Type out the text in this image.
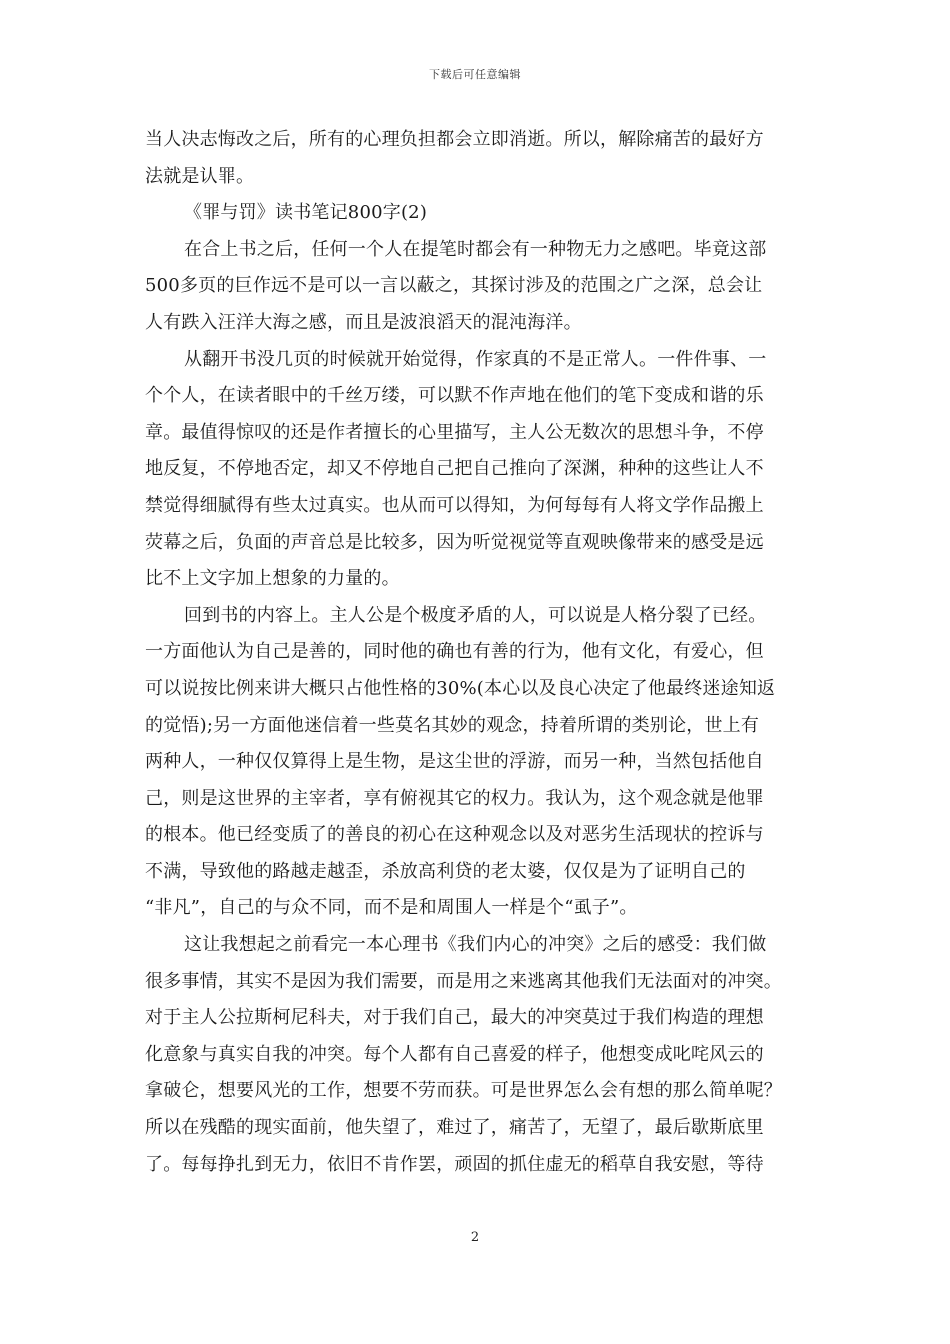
下载后可任意编辑
当人决志悔改之后，所有的心理负担都会立即消逝。所以，解除痛苦的最好方
法就是认罪。
《罪与罚》读书笔记800字(2)
在合上书之后，任何一个人在提笔时都会有一种物无力之感吧。毕竟这部
500多页的巨作远不是可以一言以蔽之，其探讨涉及的范围之广之深，总会让
人有跌入汪洋大海之感，而且是波浪滔天的混沌海洋。
从翻开书没几页的时候就开始觉得，作家真的不是正常人。一件件事、一
个个人，在读者眼中的千丝万缕，可以默不作声地在他们的笔下变成和谐的乐
章。最值得惊叹的还是作者擅长的心里描写，主人公无数次的思想斗争，不停
地反复，不停地否定，却又不停地自己把自己推向了深渊，种种的这些让人不
禁觉得细腻得有些太过真实。也从而可以得知，为何每每有人将文学作品搬上
荧幕之后，负面的声音总是比较多，因为听觉视觉等直观映像带来的感受是远
比不上文字加上想象的力量的。
回到书的内容上。主人公是个极度矛盾的人，可以说是人格分裂了已经。
一方面他认为自己是善的，同时他的确也有善的行为，他有文化，有爱心，但
可以说按比例来讲大概只占他性格的30%(本心以及良心决定了他最终迷途知返
的觉悟);另一方面他迷信着一些莫名其妙的观念，持着所谓的类别论，世上有
两种人，一种仅仅算得上是生物，是这尘世的浮游，而另一种，当然包括他自
己，则是这世界的主宰者，享有俯视其它的权力。我认为，这个观念就是他罪
的根本。他已经变质了的善良的初心在这种观念以及对恶劣生活现状的控诉与
不满，导致他的路越走越歪，杀放高利贷的老太婆，仅仅是为了证明自己的
“非凡”，自己的与众不同，而不是和周围人一样是个“虱子”。
这让我想起之前看完一本心理书《我们内心的冲突》之后的感受：我们做
很多事情，其实不是因为我们需要，而是用之来逃离其他我们无法面对的冲突。
对于主人公拉斯柯尼科夫，对于我们自己，最大的冲突莫过于我们构造的理想
化意象与真实自我的冲突。每个人都有自己喜爱的样子，他想变成叱咤风云的
拿破仑，想要风光的工作，想要不劳而获。可是世界怎么会有想的那么简单呢？
所以在残酷的现实面前，他失望了，难过了，痛苦了，无望了，最后歇斯底里
了。每每挣扎到无力，依旧不肯作罢，顽固的抓住虚无的稻草自我安慰，等待
2
